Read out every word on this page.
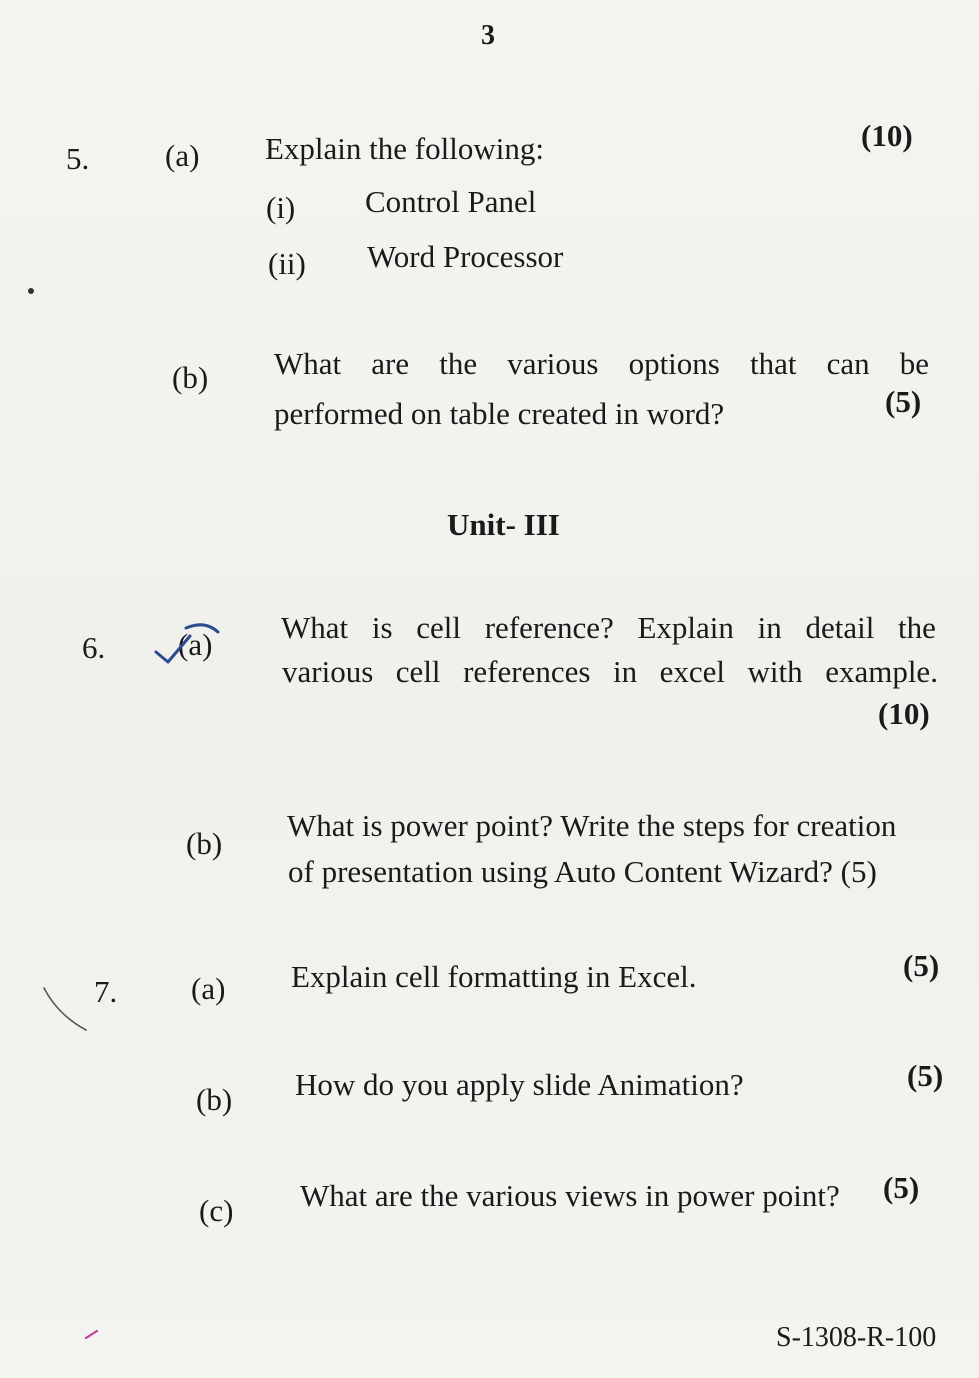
3
5. (a) Explain the following:	(10)
(i) Control Panel
(ii) Word Processor
(b) What are the various options that can be
performed on table created in word?	(5)
Unit- III
6. (a) What is cell reference? Explain in detail the
various cell references in excel with example.
(10)
(b)
What is power point? Write the steps for creation
of presentation using Auto Content Wizard? (5)
7. (a) Explain cell formatting in Excel.	(5)
(b) How do you apply slide Animation?	(5)
(c) What are the various views in power point? (5)
S-1308-R-100
